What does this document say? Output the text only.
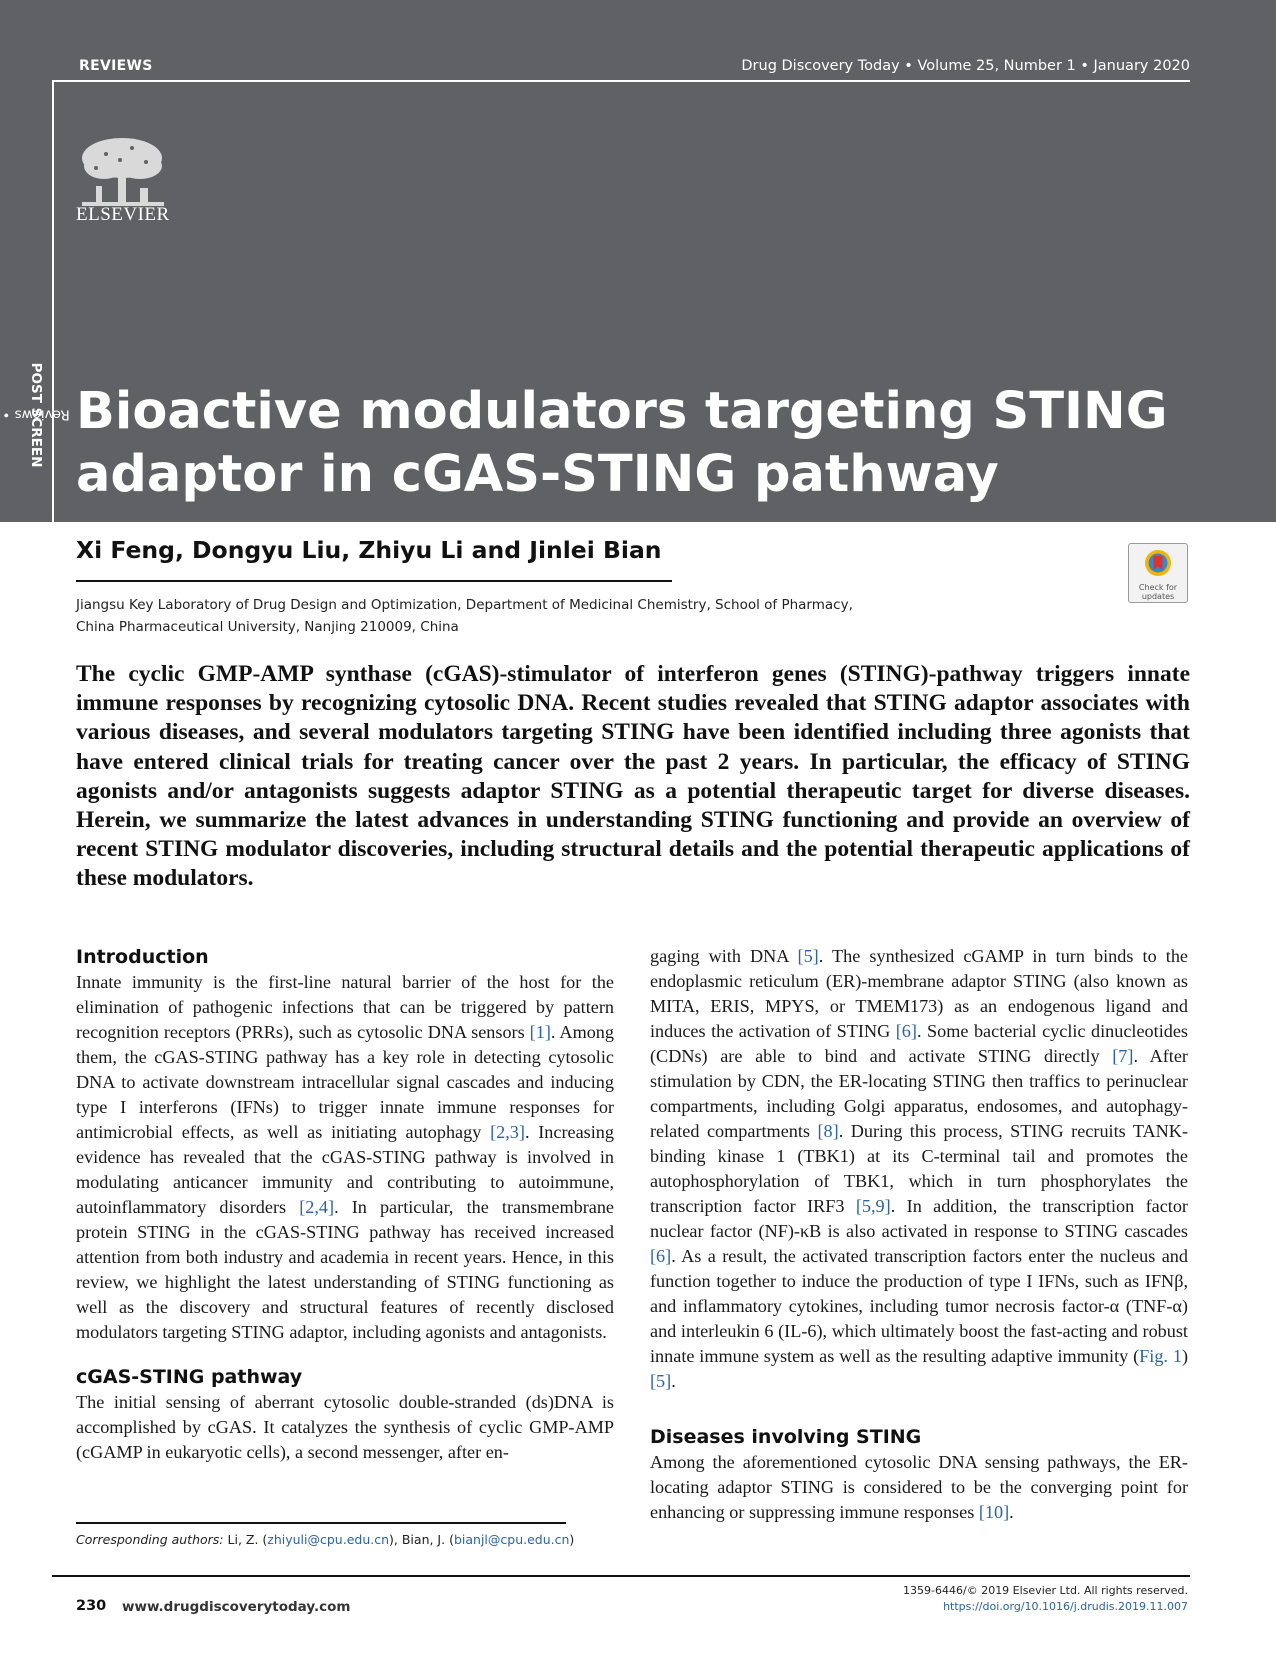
REVIEWS	Drug Discovery Today • Volume 25, Number 1 • January 2020
ELSEVIER
Reviews •
POST SCREEN Bioactive modulators targeting STING adaptor in cGAS-STING pathway
Xi Feng, Dongyu Liu, Zhiyu Li and Jinlei Bian
Jiangsu Key Laboratory of Drug Design and Optimization, Department of Medicinal Chemistry, School of Pharmacy,
China Pharmaceutical University, Nanjing 210009, China
Check for updates

The cyclic GMP-AMP synthase (cGAS)-stimulator of interferon genes (STING)-pathway triggers innate immune responses by recognizing cytosolic DNA. Recent studies revealed that STING adaptor associates with various diseases, and several modulators targeting STING have been identified including three agonists that have entered clinical trials for treating cancer over the past 2 years. In particular, the efficacy of STING agonists and/or antagonists suggests adaptor STING as a potential therapeutic target for diverse diseases. Herein, we summarize the latest advances in understanding STING functioning and provide an overview of recent STING modulator discoveries, including structural details and the potential therapeutic applications of these modulators.

Introduction

Innate immunity is the first-line natural barrier of the host for the elimination of pathogenic infections that can be triggered by pattern recognition receptors (PRRs), such as cytosolic DNA sensors [1]. Among them, the cGAS-STING pathway has a key role in detecting cytosolic DNA to activate downstream intracellular signal cascades and inducing type I interferons (IFNs) to trigger innate immune responses for antimicrobial effects, as well as initiating autophagy [2,3]. Increasing evidence has revealed that the cGAS-STING pathway is involved in modulating anticancer immunity and contributing to autoimmune, autoinflammatory disorders [2,4]. In particular, the transmembrane protein STING in the cGAS-STING pathway has received increased attention from both industry and academia in recent years. Hence, in this review, we highlight the latest understanding of STING functioning as well as the discovery and structural features of recently disclosed modulators targeting STING adaptor, including agonists and antagonists.

cGAS-STING pathway

The initial sensing of aberrant cytosolic double-stranded (ds)DNA is accomplished by cGAS. It catalyzes the synthesis of cyclic GMP-AMP (cGAMP in eukaryotic cells), a second messenger, after en-

gaging with DNA [5]. The synthesized cGAMP in turn binds to the endoplasmic reticulum (ER)-membrane adaptor STING (also known as MITA, ERIS, MPYS, or TMEM173) as an endogenous ligand and induces the activation of STING [6]. Some bacterial cyclic dinucleotides (CDNs) are able to bind and activate STING directly [7]. After stimulation by CDN, the ER-locating STING then traffics to perinuclear compartments, including Golgi apparatus, endosomes, and autophagy-related compartments [8]. During this process, STING recruits TANK-binding kinase 1 (TBK1) at its C-terminal tail and promotes the autophosphorylation of TBK1, which in turn phosphorylates the transcription factor IRF3 [5,9]. In addition, the transcription factor nuclear factor (NF)-κB is also activated in response to STING cascades [6]. As a result, the activated transcription factors enter the nucleus and function together to induce the production of type I IFNs, such as IFNβ, and inflammatory cytokines, including tumor necrosis factor-α (TNF-α) and interleukin 6 (IL-6), which ultimately boost the fast-acting and robust innate immune system as well as the resulting adaptive immunity (Fig. 1) [5].

Diseases involving STING

Among the aforementioned cytosolic DNA sensing pathways, the ER-locating adaptor STING is considered to be the converging point for enhancing or suppressing immune responses [10].

Corresponding authors: Li, Z. (zhiyuli@cpu.edu.cn), Bian, J. (bianjl@cpu.edu.cn)
230 www.drugdiscoverytoday.com
1359-6446/© 2019 Elsevier Ltd. All rights reserved.
https://doi.org/10.1016/j.drudis.2019.11.007
